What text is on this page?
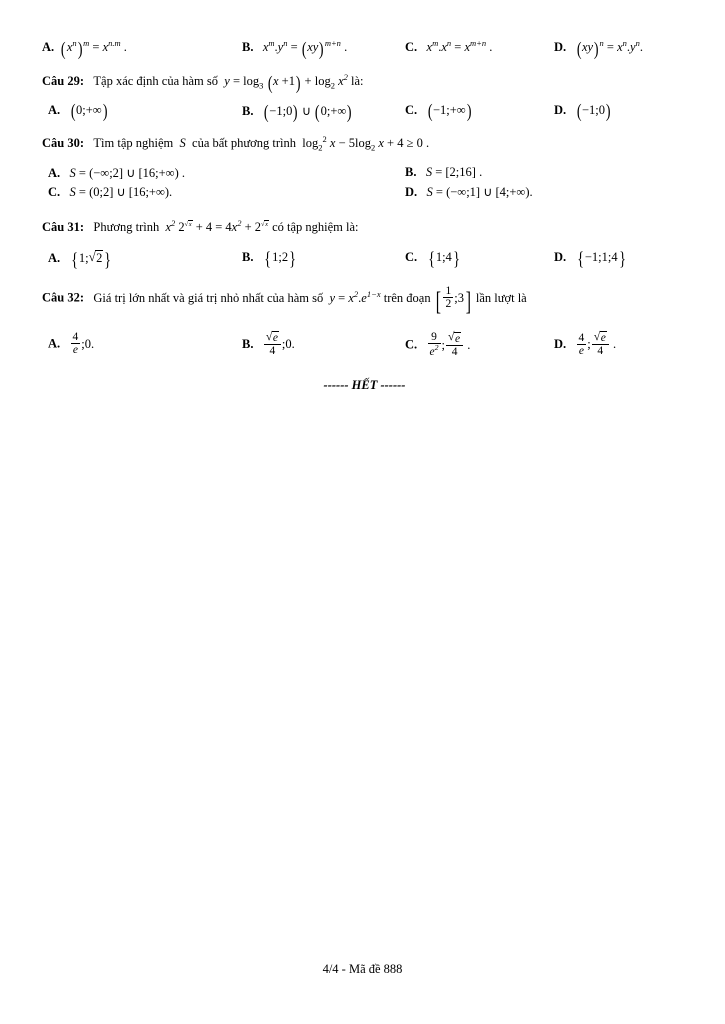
A. $(x^n)^m = x^{n.m}$ .	B.   $x^m.y^n = (xy)^{m+n}$ .	C.   $x^m.x^n = x^{m+n}$ .	D. $(xy)^n = x^n.y^n$.
Câu 29:   Tập xác định của hàm số  $y = \log_3 (x +1) + \log_2 x^2$ là:
A. (0;+∞)	B. (−1;0) ∪ (0;+∞)	C. (−1;+∞)	D. (−1;0)
Câu 30:   Tìm tập nghiệm  S  của bất phương trình  $\log_2^2 x - 5\log_2$ x + 4 ≥ 0 .
A.   S = (−∞;2] ∪ [16;+∞) .	B.   S = [2;16] .
C.   S = (0;2] ∪ [16;+∞).	D.   S = (−∞;1] ∪ [4;+∞).
Câu 31:   Phương trình  $x^2$ 2 √ $^x + 4 = 4x^2 + 2$ √ $^x$ có tập nghiệm là:
A. {1; √ 2 }	B. {1;2}	C. {1;4}	D. {−1;1;4}
Câu 32:   Giá trị lớn nhất và giá trị nhỏ nhất của hàm số  $y = x^2.e^{1-x}$ trên đoạn [ $\frac{1}{2}$ ;3] lần lượt là
A. $\frac{4}{e}$ ;0.	B. √ $\frac{e}{4}$ ;0.	C. $\frac{9}{e^2}$ ; √ $\frac{e}{4}$ .	D. $\frac{4}{e}$ ; √ $\frac{e}{4}$ .
------ HẾT ------
4/4 - Mã đề 888
